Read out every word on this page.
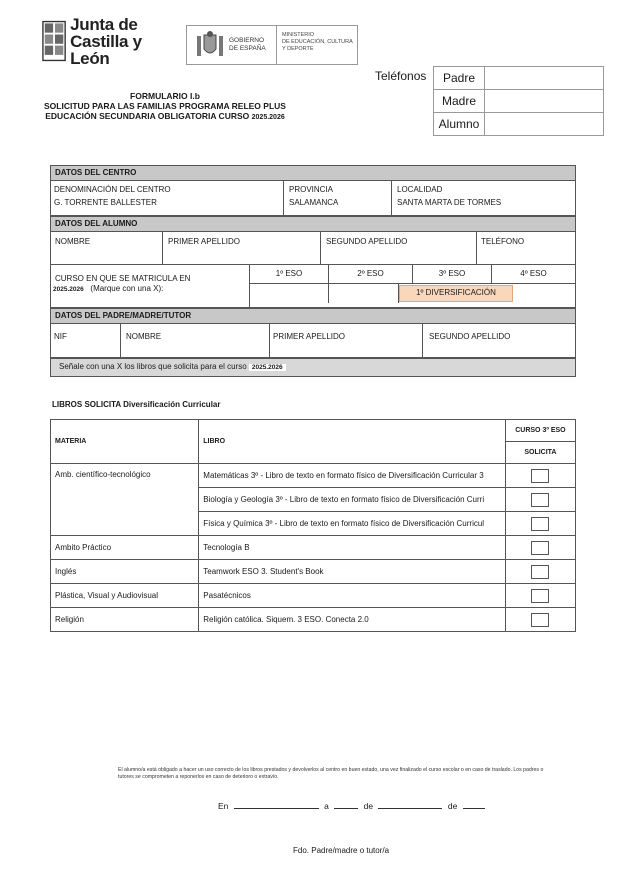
Junta de
Castilla y León
GOBIERNO
DE ESPAÑA
MINISTERIO
DE EDUCACIÓN, CULTURA
Y DEPORTE
Teléfonos Padre	
Madre	
Alumno	
FORMULARIO I.b
SOLICITUD PARA LAS FAMILIAS PROGRAMA RELEO PLUS
EDUCACIÓN SECUNDARIA OBLIGATORIA CURSO 2025.2026
DATOS DEL CENTRO
DENOMINACIÓN DEL CENTRO
G. TORRENTE BALLESTER
PROVINCIA
SALAMANCA
LOCALIDAD
SANTA MARTA DE TORMES
DATOS DEL ALUMNO
NOMBRE	PRIMER APELLIDO	SEGUNDO APELLIDO	TELÉFONO
CURSO EN QUE SE MATRICULA EN
2025.2026 (Marque con una X):
1º ESO	2º ESO	3º ESO	4º ESO
1º DIVERSIFICACIÓN
DATOS DEL PADRE/MADRE/TUTOR
NIF	NOMBRE	PRIMER APELLIDO	SEGUNDO APELLIDO
Señale con una X los libros que solicita para el curso 2025.2026
LIBROS SOLICITA Diversificación Curricular
MATERIA	LIBRO	CURSO 3º ESO
		SOLICITA
Amb. científico-tecnológico	Matemáticas 3º - Libro de texto en formato físico de Diversificación Curricular 3	
	Biología y Geología 3º - Libro de texto en formato físico de Diversificación Curri	
	Física y Química 3º - Libro de texto en formato físico de Diversificación Curricul	
Ambito Práctico	Tecnología B	
Inglés	Teamwork ESO 3. Student's Book	
Plástica, Visual y Audiovisual	Pasatécnicos	
Religión	Religión católica. Siquem. 3 ESO. Conecta 2.0	
El alumno/a está obligado a hacer un uso correcto de los libros prestados y devolverlos al centro en buen estado, una vez finalizado el curso escolar o en caso de traslado. Los padres o tutores se comprometen a reponerlos en caso de deterioro o extravío.
En	a	de	de
Fdo. Padre/madre o tutor/a
